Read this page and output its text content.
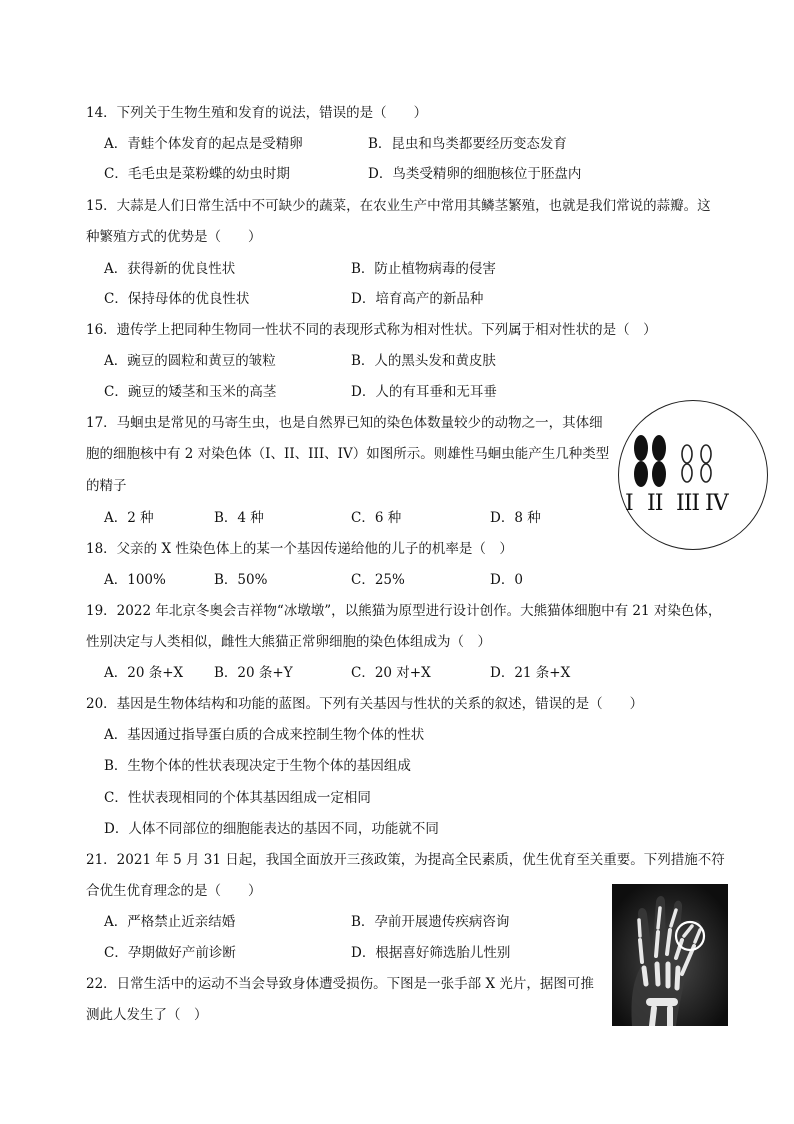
14．下列关于生物生殖和发育的说法，错误的是（　　）
A．青蛙个体发育的起点是受精卵	B．昆虫和鸟类都要经历变态发育
C．毛毛虫是菜粉蝶的幼虫时期	D．鸟类受精卵的细胞核位于胚盘内
15．大蒜是人们日常生活中不可缺少的蔬菜，在农业生产中常用其鳞茎繁殖，也就是我们常说的蒜瓣。这
种繁殖方式的优势是（　　）
A．获得新的优良性状	B．防止植物病毒的侵害
C．保持母体的优良性状	D．培育高产的新品种
16．遗传学上把同种生物同一性状不同的表现形式称为相对性状。下列属于相对性状的是（　）
A．豌豆的圆粒和黄豆的皱粒	B．人的黑头发和黄皮肤
C．豌豆的矮茎和玉米的高茎	D．人的有耳垂和无耳垂
17．马蛔虫是常见的马寄生虫，也是自然界已知的染色体数量较少的动物之一，其体细
胞的细胞核中有 2 对染色体（I、II、III、IV）如图所示。则雄性马蛔虫能产生几种类型
的精子
A．2 种	B．4 种	C．6 种	D．8 种
I II III IV
18．父亲的 X 性染色体上的某一个基因传递给他的儿子的机率是（　）
A．100%	B．50%	C．25%	D．0
19．2022 年北京冬奥会吉祥物“冰墩墩”，以熊猫为原型进行设计创作。大熊猫体细胞中有 21 对染色体，
性别决定与人类相似，雌性大熊猫正常卵细胞的染色体组成为（　）
A．20 条+X B．20 条+Y	C．20 对+X	D．21 条+X
20．基因是生物体结构和功能的蓝图。下列有关基因与性状的关系的叙述，错误的是（　　）
A．基因通过指导蛋白质的合成来控制生物个体的性状
B．生物个体的性状表现决定于生物个体的基因组成
C．性状表现相同的个体其基因组成一定相同
D．人体不同部位的细胞能表达的基因不同，功能就不同
21．2021 年 5 月 31 日起，我国全面放开三孩政策，为提高全民素质，优生优育至关重要。下列措施不符
合优生优育理念的是（　　）
A．严格禁止近亲结婚	B．孕前开展遗传疾病咨询
C．孕期做好产前诊断	D．根据喜好筛选胎儿性别
22．日常生活中的运动不当会导致身体遭受损伤。下图是一张手部 X 光片，据图可推
测此人发生了（　）
